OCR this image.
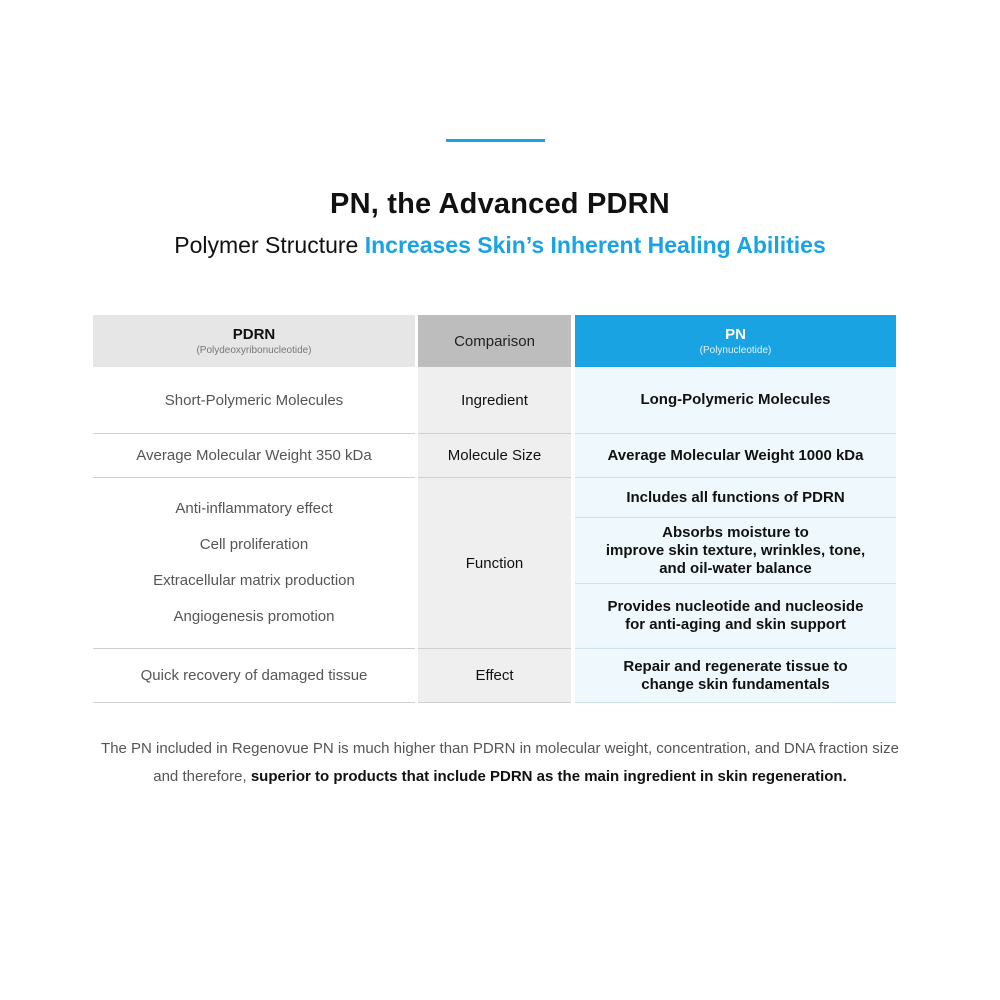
PN, the Advanced PDRN
Polymer Structure Increases Skin’s Inherent Healing Abilities
PDRN
(Polydeoxyribonucleotide)
Short-Polymeric Molecules
Average Molecular Weight 350 kDa
Anti-inflammatory effect
Cell proliferation
Extracellular matrix production
Angiogenesis promotion
Quick recovery of damaged tissue
Comparison
Ingredient
Molecule Size
Function
Effect
PN
(Polynucleotide)
Long-Polymeric Molecules
Average Molecular Weight 1000 kDa
Includes all functions of PDRN
Absorbs moisture to
improve skin texture, wrinkles, tone,
and oil-water balance
Provides nucleotide and nucleoside
for anti-aging and skin support
Repair and regenerate tissue to
change skin fundamentals
The PN included in Regenovue PN is much higher than PDRN in molecular weight, concentration, and DNA fraction size
and therefore, superior to products that include PDRN as the main ingredient in skin regeneration.
